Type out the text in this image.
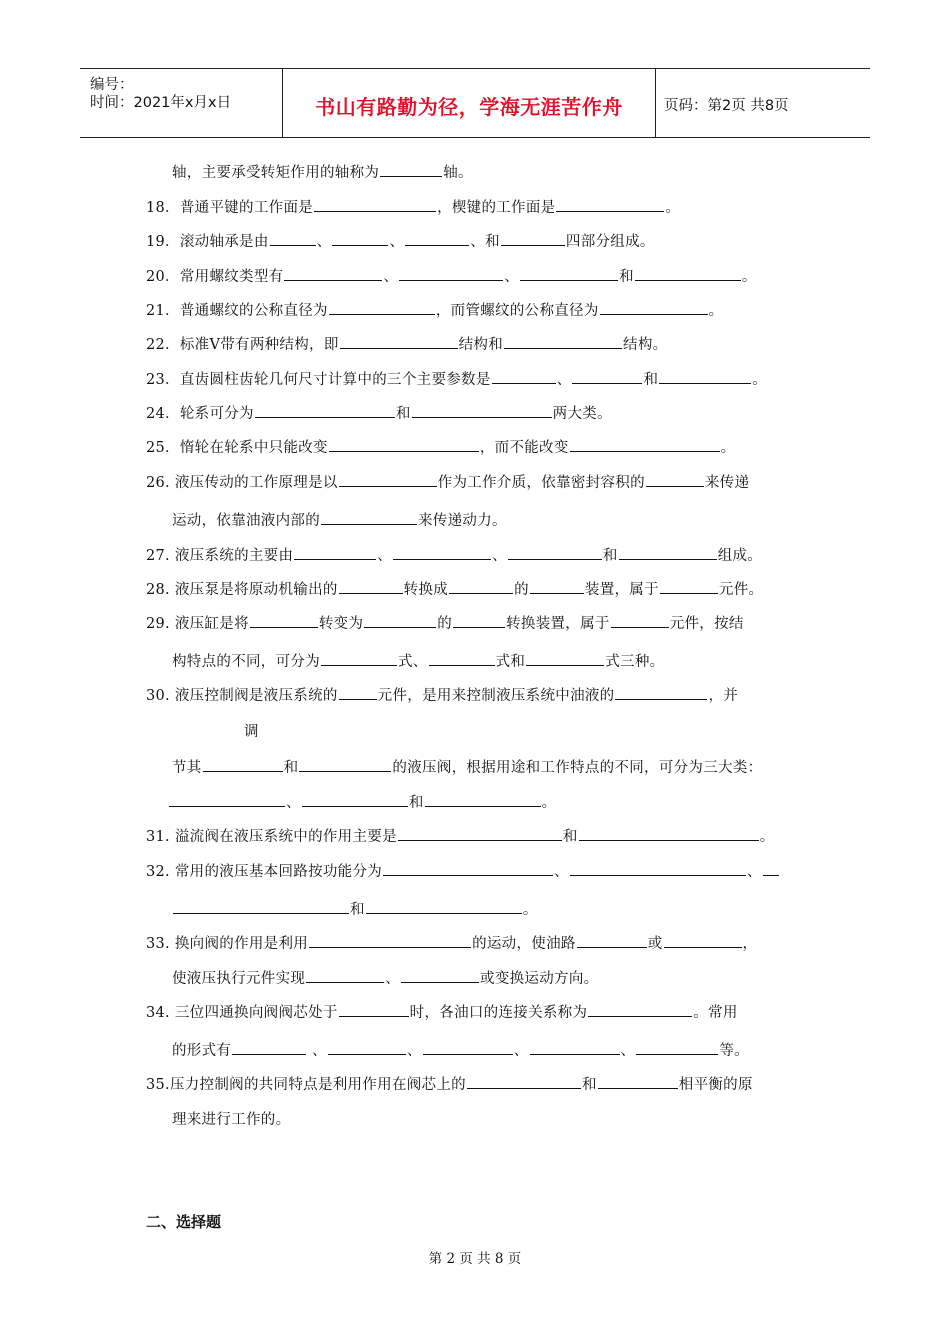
编号：
时间：2021年x月x日	书山有路勤为径，学海无涯苦作舟	页码：第2页 共8页
轴，主要承受转矩作用的轴称为	轴。
18．普通平键的工作面是	，楔键的工作面是	。
19．滚动轴承是由	、	、	、和	四部分组成。
20．常用螺纹类型有	、	、	和	。
21．普通螺纹的公称直径为	，而管螺纹的公称直径为	。
22．标准V带有两种结构，即	结构和	结构。
23．直齿圆柱齿轮几何尺寸计算中的三个主要参数是	、	和	。
24．轮系可分为	和	两大类。
25．惰轮在轮系中只能改变	，而不能改变	。
26. 液压传动的工作原理是以	作为工作介质，依靠密封容积的	来传递
运动，依靠油液内部的	来传递动力。
27. 液压系统的主要由	、	、	和	组成。
28. 液压泵是将原动机输出的	转换成	的	装置，属于	元件。
29. 液压缸是将	转变为	的	转换装置，属于	元件，按结
构特点的不同，可分为	式、	式和	式三种。
30. 液压控制阀是液压系统的	元件，是用来控制液压系统中油液的	，并
调
节其	和	的液压阀，根据用途和工作特点的不同，可分为三大类：
、	和	。
31. 溢流阀在液压系统中的作用主要是	和	。
32. 常用的液压基本回路按功能分为	、	、
和	。
33. 换向阀的作用是利用	的运动，使油路	或	，
使液压执行元件实现	、	或变换运动方向。
34. 三位四通换向阀阀芯处于	时，各油口的连接关系称为	。常用
的形式有	、	、	、	、	等。
35.压力控制阀的共同特点是利用作用在阀芯上的	和	相平衡的原
理来进行工作的。
二、选择题
第 2 页 共 8 页
